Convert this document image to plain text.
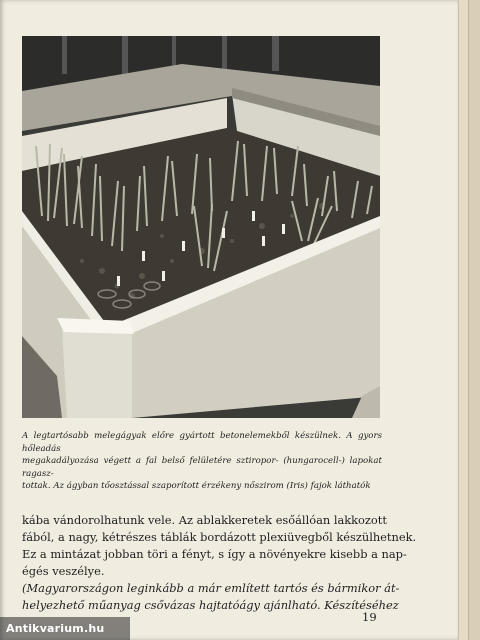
A legtartósabb melegágyak előre gyártott betonelemekből készülnek. A gyors hőleadás
megakadályozása végett a fal belső felületére sztiropor- (hungarocell-) lapokat ragasz-
tottak. Az ágyban tőosztással szaporított érzékeny nőszirom (Iris) fajok láthatók
kába vándorolhatunk vele. Az ablakkeretek esőállóan lakkozott
fából, a nagy, kétrészes táblák bordázott plexiüvegből készülhetnek.
Ez a mintázat jobban töri a fényt, s így a növényekre kisebb a nap-
égés veszélye.
(Magyarországon leginkább a már említett tartós és bármikor át-
helyezhető műanyag csővázas hajtatóágy ajánlható. Készítéséhez
19
Antikvarium.hu
